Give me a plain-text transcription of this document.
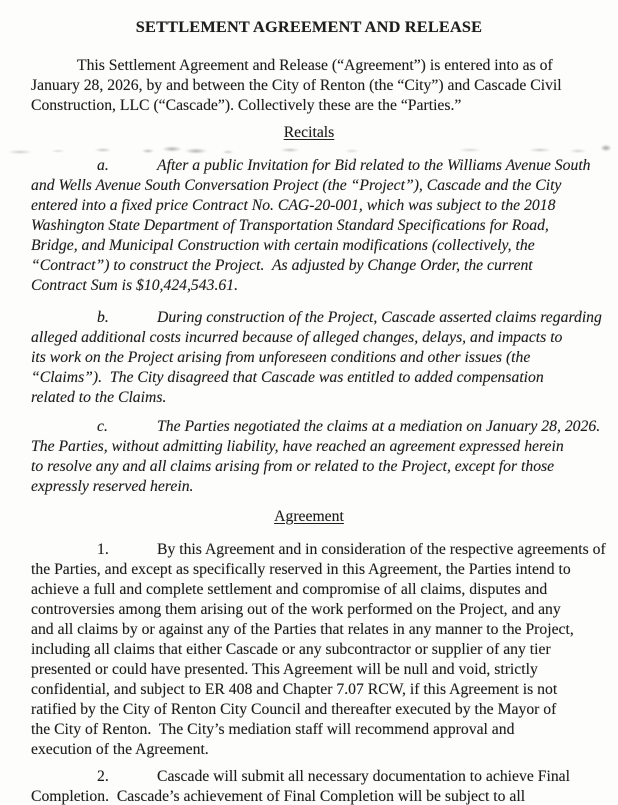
SETTLEMENT AGREEMENT AND RELEASE
This Settlement Agreement and Release (“Agreement”) is entered into as of
January 28, 2026, by and between the City of Renton (the “City”) and Cascade Civil
Construction, LLC (“Cascade”). Collectively these are the “Parties.”
Recitals
a.	After a public Invitation for Bid related to the Williams Avenue South
and Wells Avenue South Conversation Project (the “Project”), Cascade and the City
entered into a fixed price Contract No. CAG-20-001, which was subject to the 2018
Washington State Department of Transportation Standard Specifications for Road,
Bridge, and Municipal Construction with certain modifications (collectively, the
“Contract”) to construct the Project.  As adjusted by Change Order, the current
Contract Sum is $10,424,543.61.
b.	During construction of the Project, Cascade asserted claims regarding
alleged additional costs incurred because of alleged changes, delays, and impacts to
its work on the Project arising from unforeseen conditions and other issues (the
“Claims”).  The City disagreed that Cascade was entitled to added compensation
related to the Claims.
c.	The Parties negotiated the claims at a mediation on January 28, 2026.
The Parties, without admitting liability, have reached an agreement expressed herein
to resolve any and all claims arising from or related to the Project, except for those
expressly reserved herein.
Agreement
1.	By this Agreement and in consideration of the respective agreements of
the Parties, and except as specifically reserved in this Agreement, the Parties intend to
achieve a full and complete settlement and compromise of all claims, disputes and
controversies among them arising out of the work performed on the Project, and any
and all claims by or against any of the Parties that relates in any manner to the Project,
including all claims that either Cascade or any subcontractor or supplier of any tier
presented or could have presented. This Agreement will be null and void, strictly
confidential, and subject to ER 408 and Chapter 7.07 RCW, if this Agreement is not
ratified by the City of Renton City Council and thereafter executed by the Mayor of
the City of Renton.  The City’s mediation staff will recommend approval and
execution of the Agreement.
2.	Cascade will submit all necessary documentation to achieve Final
Completion.  Cascade’s achievement of Final Completion will be subject to all
